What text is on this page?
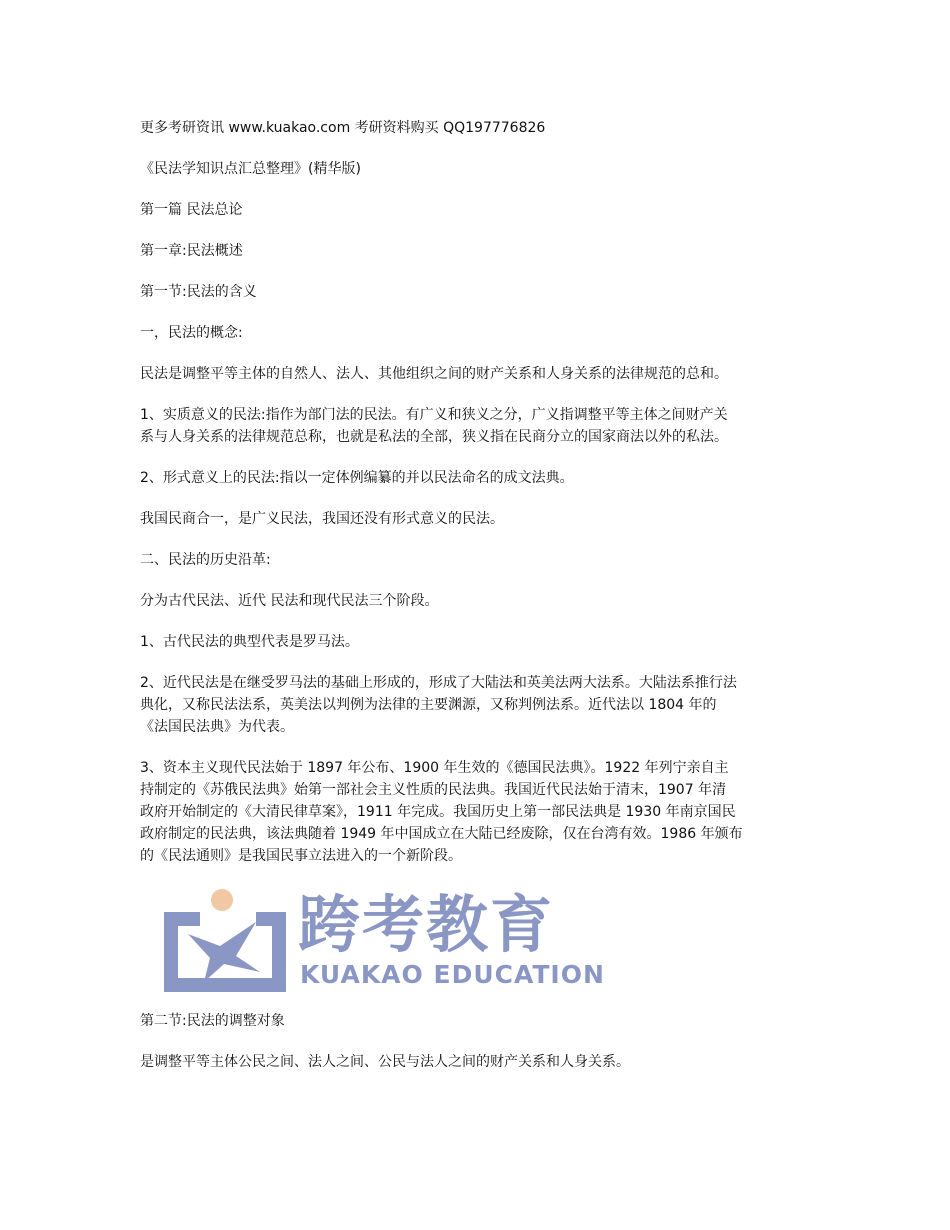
更多考研资讯 www.kuakao.com 考研资料购买 QQ197776826
《民法学知识点汇总整理》(精华版)
第一篇 民法总论
第一章:民法概述
第一节:民法的含义
一，民法的概念:
民法是调整平等主体的自然人、法人、其他组织之间的财产关系和人身关系的法律规范的总和。
1、实质意义的民法:指作为部门法的民法。有广义和狭义之分，广义指调整平等主体之间财产关
系与人身关系的法律规范总称，也就是私法的全部，狭义指在民商分立的国家商法以外的私法。
2、形式意义上的民法:指以一定体例编纂的并以民法命名的成文法典。
我国民商合一，是广义民法，我国还没有形式意义的民法。
二、民法的历史沿革:
分为古代民法、近代 民法和现代民法三个阶段。
1、古代民法的典型代表是罗马法。
2、近代民法是在继受罗马法的基础上形成的，形成了大陆法和英美法两大法系。大陆法系推行法
典化，又称民法法系，英美法以判例为法律的主要渊源，又称判例法系。近代法以 1804 年的
《法国民法典》为代表。
3、资本主义现代民法始于 1897 年公布、1900 年生效的《德国民法典》。1922 年列宁亲自主
持制定的《苏俄民法典》始第一部社会主义性质的民法典。我国近代民法始于清末，1907 年清
政府开始制定的《大清民律草案》，1911 年完成。我国历史上第一部民法典是 1930 年南京国民
政府制定的民法典，该法典随着 1949 年中国成立在大陆已经废除，仅在台湾有效。1986 年颁布
的《民法通则》是我国民事立法进入的一个新阶段。
跨考教育
KUAKAO EDUCATION
第二节:民法的调整对象
是调整平等主体公民之间、法人之间、公民与法人之间的财产关系和人身关系。
